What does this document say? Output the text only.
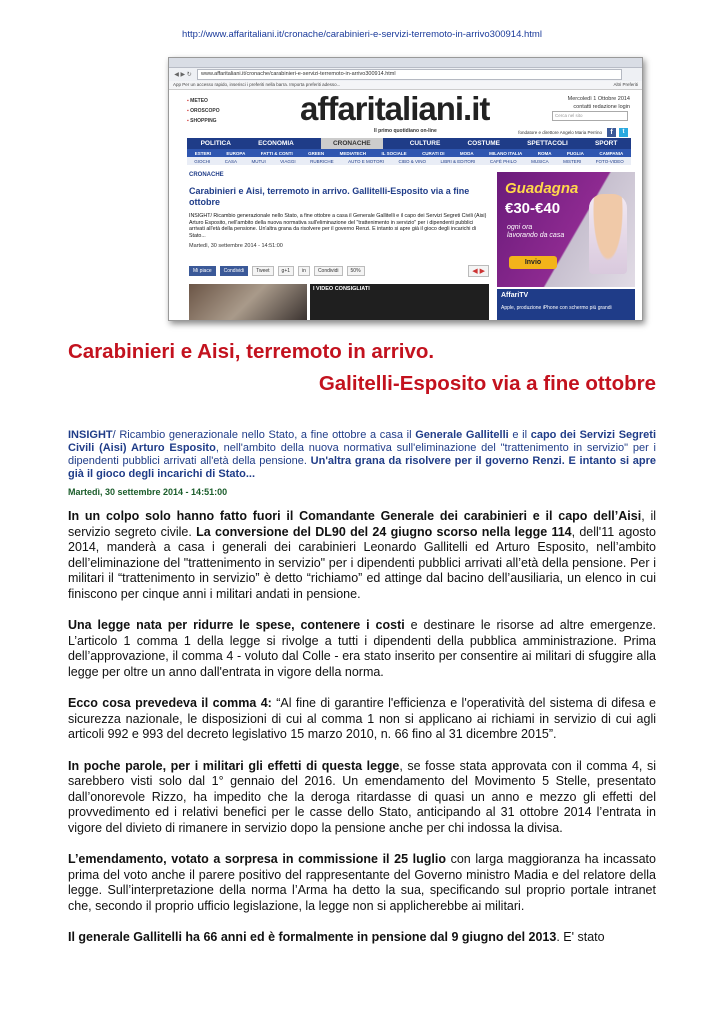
http://www.affaritaliani.it/cronache/carabinieri-e-servizi-terremoto-in-arrivo300914.html
◀ ▶ ↻	www.affaritaliani.it/cronache/carabinieri-e-servizi-terremoto-in-arrivo300914.html
App Per un accesso rapido, inserisci i preferiti nella barra. Importa preferiti adesso...	Altri Preferiti
▪ METEO
▪ OROSCOPO
▪ SHOPPING	affaritaliani.it
Il primo quotidiano on-line
Mercoledì 1 Ottobre 2014
contatti redazione login
Cerca nel sito
fondatore e direttore Angelo Maria Perrino	f	t
POLITICA	ECONOMIA	CRONACHE	CULTURE	COSTUME	SPETTACOLI	SPORT
ESTERI	EUROPA	FATTI & CONTI	GREEN	MEDIATECH	IL SOCIALE	CURATI DI	MODA	MILANO ITALIA	ROMA	PUGLIA	CAMPANIA
GIOCHI	CASA	MUTUI	VIAGGI	RUBRICHE	AUTO E MOTORI	CIBO & VINO	LIBRI & EDITORI	CAFÈ PHILO	MUSICA	MISTERI	FOTO-VIDEO
CRONACHE
Carabinieri e Aisi, terremoto in arrivo. Gallitelli-Esposito via a fine ottobre
INSIGHT/ Ricambio generazionale nello Stato, a fine ottobre a casa il Generale Gallitelli e il capo dei Servizi Segreti Civili (Aisi) Arturo Esposito, nell'ambito della nuova normativa sull'eliminazione del "trattenimento in servizio" per i dipendenti pubblici arrivati all'età della pensione. Un'altra grana da risolvere per il governo Renzi. E intanto si apre già il gioco degli incarichi di Stato...
Martedì, 30 settembre 2014 - 14:51:00
Mi piace	Condividi	Tweet	g+1	in	Condividi	50%	◀ ▶
I VIDEO CONSIGLIATI
Guadagna
€30-€40
ogni ora
lavorando da casa
Invio
AffariTV
Apple, produzione iPhone con schermo più grandi
Carabinieri e Aisi, terremoto in arrivo.
Galitelli-Esposito via a fine ottobre
INSIGHT/ Ricambio generazionale nello Stato, a fine ottobre a casa il Generale Gallitelli e il capo dei Servizi Segreti Civili (Aisi) Arturo Esposito, nell'ambito della nuova normativa sull'eliminazione del "trattenimento in servizio" per i dipendenti pubblici arrivati all'età della pensione. Un'altra grana da risolvere per il governo Renzi. E intanto si apre già il gioco degli incarichi di Stato...
Martedì, 30 settembre 2014 - 14:51:00

In un colpo solo hanno fatto fuori il Comandante Generale dei carabinieri e il capo dell’Aisi, il servizio segreto civile. La conversione del DL90 del 24 giugno scorso nella legge 114, dell'11 agosto 2014, manderà a casa i generali dei carabinieri Leonardo Gallitelli ed Arturo Esposito, nell’ambito dell’eliminazione del "trattenimento in servizio" per i dipendenti pubblici arrivati all’età della pensione. Per i militari il “trattenimento in servizio” è detto “richiamo” ed attinge dal bacino dell’ausiliaria, un elenco in cui finiscono per cinque anni i militari andati in pensione.

Una legge nata per ridurre le spese, contenere i costi e destinare le risorse ad altre emergenze. L’articolo 1 comma 1 della legge si rivolge a tutti i dipendenti della pubblica amministrazione. Prima dell’approvazione, il comma 4 - voluto dal Colle - era stato inserito per consentire ai militari di sfuggire alla legge per oltre un anno dall'entrata in vigore della norma.

Ecco cosa prevedeva il comma 4: “Al fine di garantire l'efficienza e l'operatività del sistema di difesa e sicurezza nazionale, le disposizioni di cui al comma 1 non si applicano ai richiami in servizio di cui agli articoli 992 e 993 del decreto legislativo 15 marzo 2010, n. 66 fino al 31 dicembre 2015”.

In poche parole, per i militari gli effetti di questa legge, se fosse stata approvata con il comma 4, si sarebbero visti solo dal 1° gennaio del 2016. Un emendamento del Movimento 5 Stelle, presentato dall’onorevole Rizzo, ha impedito che la deroga ritardasse di quasi un anno e mezzo gli effetti del provvedimento ed i relativi benefici per le casse dello Stato, anticipando al 31 ottobre 2014 l’entrata in vigore del divieto di rimanere in servizio dopo la pensione anche per chi indossa la divisa.

L’emendamento, votato a sorpresa in commissione il 25 luglio con larga maggioranza ha incassato prima del voto anche il parere positivo del rappresentante del Governo ministro Madia e del relatore della legge. Sull’interpretazione della norma l’Arma ha detto la sua, specificando sul proprio portale intranet che, secondo il proprio ufficio legislazione, la legge non si applicherebbe ai militari.

Il generale Gallitelli ha 66 anni ed è formalmente in pensione dal 9 giugno del 2013. E' stato
